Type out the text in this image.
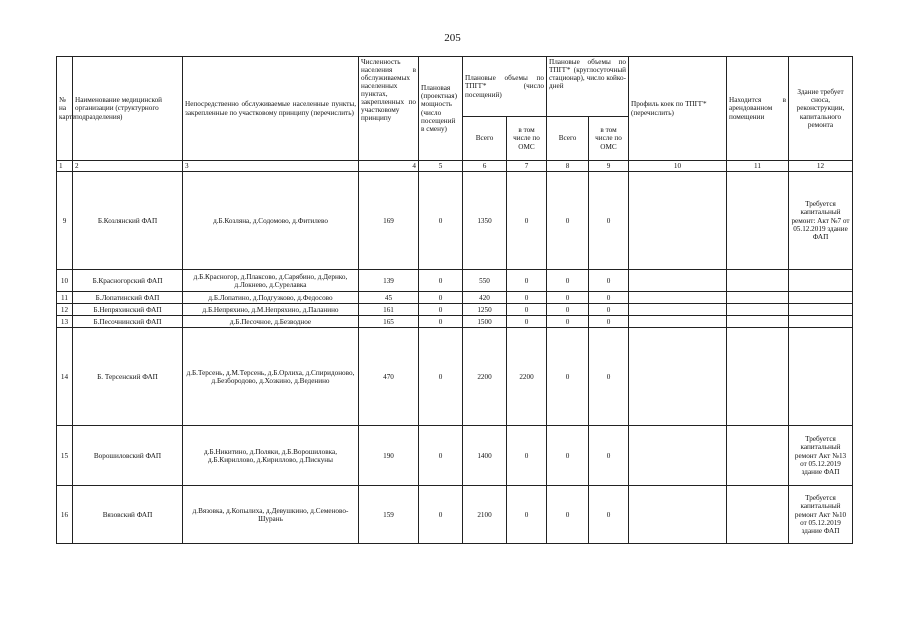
205
№ на карте	Наименование медицинской организации (структурного подразделения)	Непосредственно обслуживаемые населенные пункты, закрепленные по участковому принципу (перечислить)	Численность населения в обслуживаемых населенных пунктах, закрепленных по участковому принципу	Плановая (проектная) мощность (число посещений в смену)	Плановые объемы по ТПГГ* (число посещений)		Плановые объемы по ТПГГ* (круглосуточный стационар), число койко-дней		Профиль коек по ТПГГ* (перечислить)	Находится в арендованном помещении	Здание требует сноса, реконструкции, капитального ремонта
					Всего	в том числе по ОМС	Всего	в том числе по ОМС			
1	2	3	4	5	6	7	8	9	10	11	12
9	Б.Козлянский ФАП	д.Б.Козляна, д.Содомово, д.Фитилево	169	0	1350	0	0	0			Требуется капитальный ремонт: Акт №7 от 05.12.2019 здание ФАП
10	Б.Красногорский ФАП	д.Б.Красногор, д.Плаксово, д.Сарябино, д.Дернко, д.Локнево, д.Сурелавка	139	0	550	0	0	0			
11	Б.Лопатинский ФАП	д.Б.Лопатино, д.Подгузково, д.Федосово	45	0	420	0	0	0			
12	Б.Непряхинский ФАП	д.Б.Непряхино, д.М.Непряхино, д.Паланино	161	0	1250	0	0	0			
13	Б.Песочнинский ФАП	д.Б.Песочное, д.Безводное	165	0	1500	0	0	0			
14	Б. Терсенский ФАП	д.Б.Терсень, д.М.Терсень, д.Б.Орлиха, д.Спиридоново, д.Безбородово, д.Хозкино, д.Веденино	470	0	2200	2200	0	0			
15	Ворошиловский ФАП	д.Б.Никитино, д.Поляки, д.Б.Ворошиловка, д.Б.Кириллово, д.Кириллово, д.Пискуны	190	0	1400	0	0	0			Требуется капитальный ремонт Акт №13 от 05.12.2019 здание ФАП
16	Вязовский ФАП	д.Вязовка, д.Копылиха, д.Девушкино, д.Семеново-Шурань	159	0	2100	0	0	0			Требуется капитальный ремонт Акт №10 от 05.12.2019 здание ФАП
